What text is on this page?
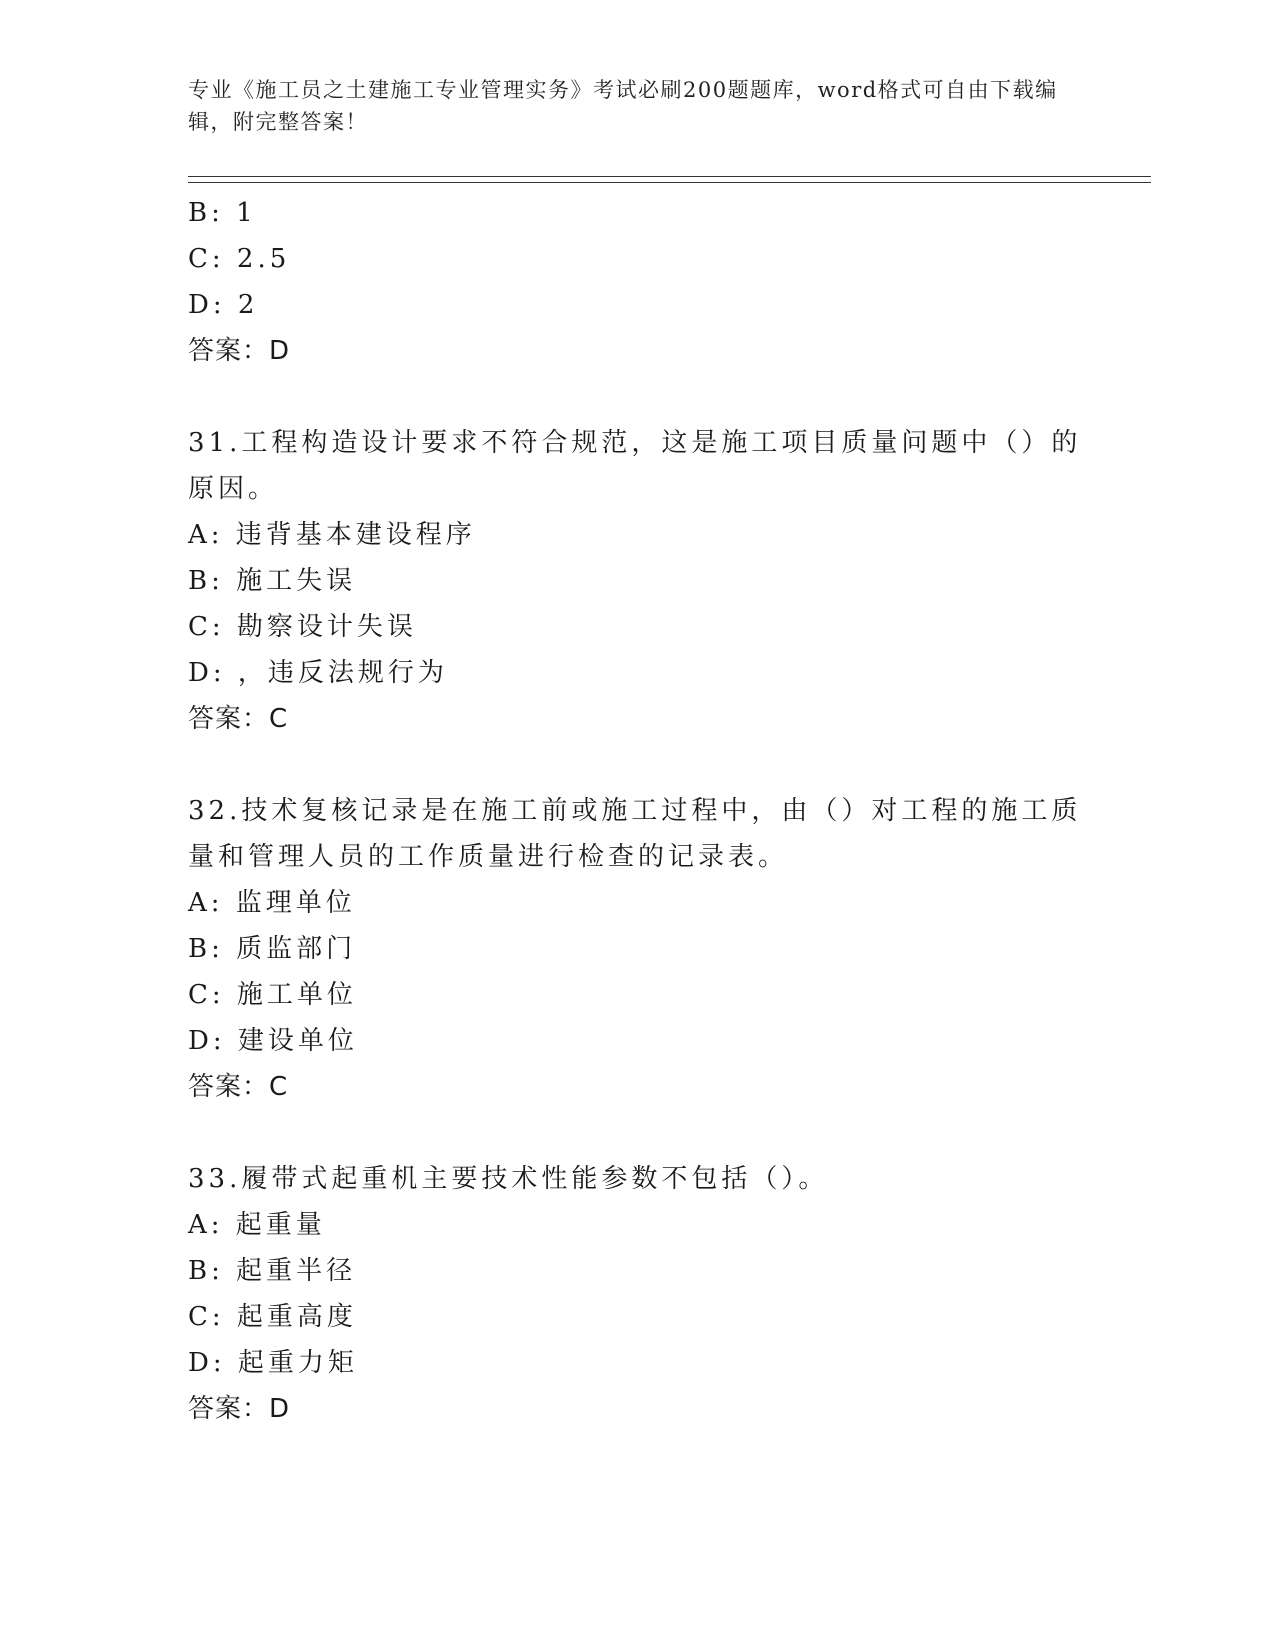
专业《施工员之土建施工专业管理实务》考试必刷200题题库，word格式可自由下载编辑，附完整答案！
B: 1
C: 2.5
D: 2
答案：D
31.工程构造设计要求不符合规范，这是施工项目质量问题中（）的原因。
A: 违背基本建设程序
B: 施工失误
C: 勘察设计失误
D: ，违反法规行为
答案：C
32.技术复核记录是在施工前或施工过程中，由（）对工程的施工质量和管理人员的工作质量进行检查的记录表。
A: 监理单位
B: 质监部门
C: 施工单位
D: 建设单位
答案：C
33.履带式起重机主要技术性能参数不包括（）。
A: 起重量
B: 起重半径
C: 起重高度
D: 起重力矩
答案：D
